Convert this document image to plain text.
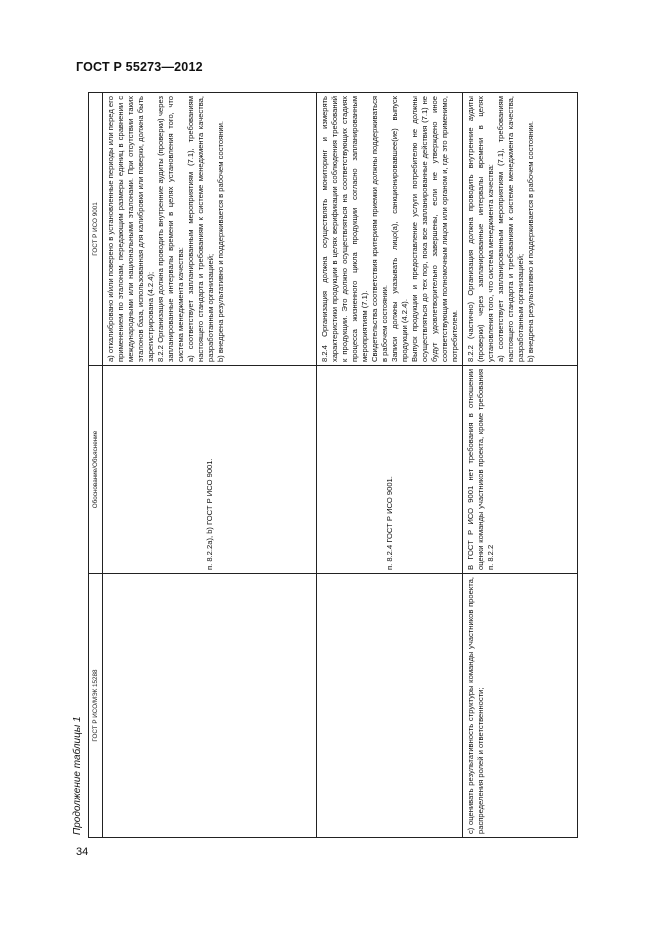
ГОСТ Р 55273—2012
Продолжение таблицы 1
ГОСТ Р ИСО/МЭК 15288	Обоснование/Объяснение	ГОСТ Р ИСО 9001
	п. 8.2.2а), b) ГОСТ Р ИСО 9001.	а) откалибровано и/или поверено в установленные периоды или перед его применением по эталонам, передающим размеры единиц в сравнении с международными или национальными эталонами. При отсутствии таких эталонов база, использованная для калибровки или поверки, должна быть зарегистрирована (4.2.4); 8.2.2 Организация должна проводить внутренние аудиты (проверки) через запланированные интервалы времени в целях установления того, что система менеджмента качества: а) соответствует запланированным мероприятиям (7.1), требованиям настоящего стандарта и требованиям к системе менеджмента качества, разработанным организацией; b) внедрена результативно и поддерживается в рабочем состоянии.

	п. 8.2.4 ГОСТ Р ИСО 9001.	8.2.4 Организация должна осуществлять мониторинг и измерять характеристики продукции в целях верификации соблюдения требований к продукции. Это должно осуществляться на соответствующих стадиях процесса жизненного цикла продукции согласно запланированным мероприятиям (7.1). Свидетельства соответствия критериям приемки должны поддерживаться в рабочем состоянии. Записи должны указывать лицо(а), санкционировавшее(ие) выпуск продукции (4.2.4). Выпуск продукции и предоставление услуги потребителю не должны осуществляться до тех пор, пока все запланированные действия (7.1) не будут удовлетворительно завершены, если не утверждено иное соответствующим полномочным лицом или органом и, где это применимо, потребителем.

с) оценивать результативность структуры команды участников проекта, распределения ролей и ответственности;	В ГОСТ Р ИСО 9001 нет требования в отношении оценки команды участников проекта, кроме требования п. 8.2.2	8.2.2 (частично) Организация должна проводить внутренние аудиты (проверки) через запланированные интервалы времени в целях установления того, что система менеджмента качества: а) соответствует запланированным мероприятиям (7.1), требованиям настоящего стандарта и требованиям к системе менеджмента качества, разработанным организацией; b) внедрена результативно и поддерживается в рабочем состоянии.

34
